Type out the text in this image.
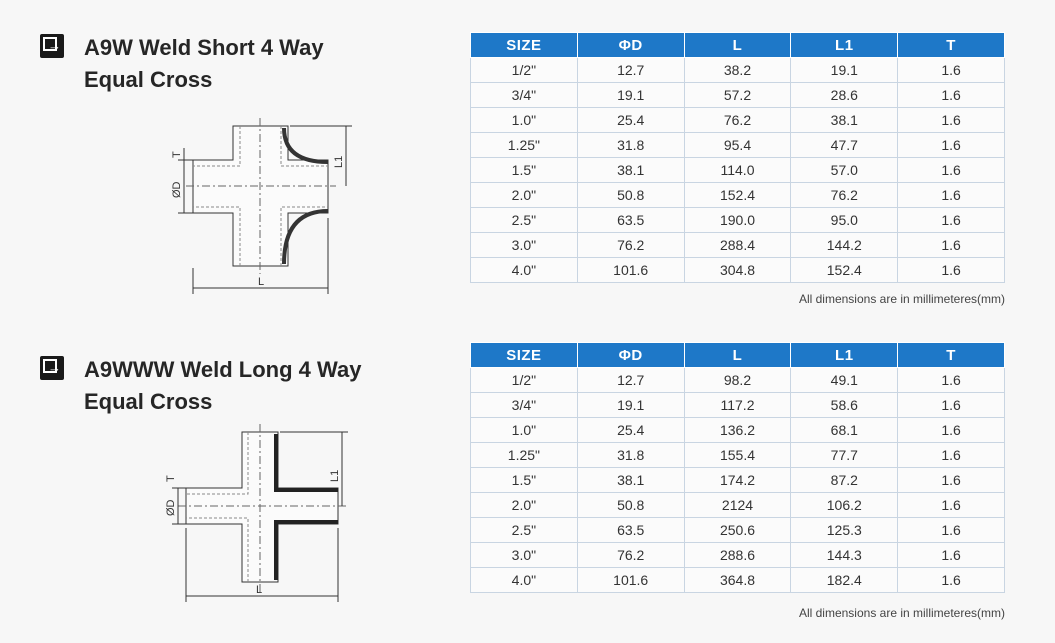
→ A9W Weld Short 4 Way Equal Cross
T
ØD
L1
L
SIZE	ΦD	L	L1	T
1/2"	12.7	38.2	19.1	1.6
3/4"	19.1	57.2	28.6	1.6
1.0"	25.4	76.2	38.1	1.6
1.25"	31.8	95.4	47.7	1.6
1.5"	38.1	114.0	57.0	1.6
2.0"	50.8	152.4	76.2	1.6
2.5"	63.5	190.0	95.0	1.6
3.0"	76.2	288.4	144.2	1.6
4.0"	101.6	304.8	152.4	1.6
All dimensions are in millimeteres(mm)
→ A9WWW Weld Long 4 Way Equal Cross
T
ØD
L1
L
SIZE	ΦD	L	L1	T
1/2"	12.7	98.2	49.1	1.6
3/4"	19.1	117.2	58.6	1.6
1.0"	25.4	136.2	68.1	1.6
1.25"	31.8	155.4	77.7	1.6
1.5"	38.1	174.2	87.2	1.6
2.0"	50.8	2124	106.2	1.6
2.5"	63.5	250.6	125.3	1.6
3.0"	76.2	288.6	144.3	1.6
4.0"	101.6	364.8	182.4	1.6
All dimensions are in millimeteres(mm)
